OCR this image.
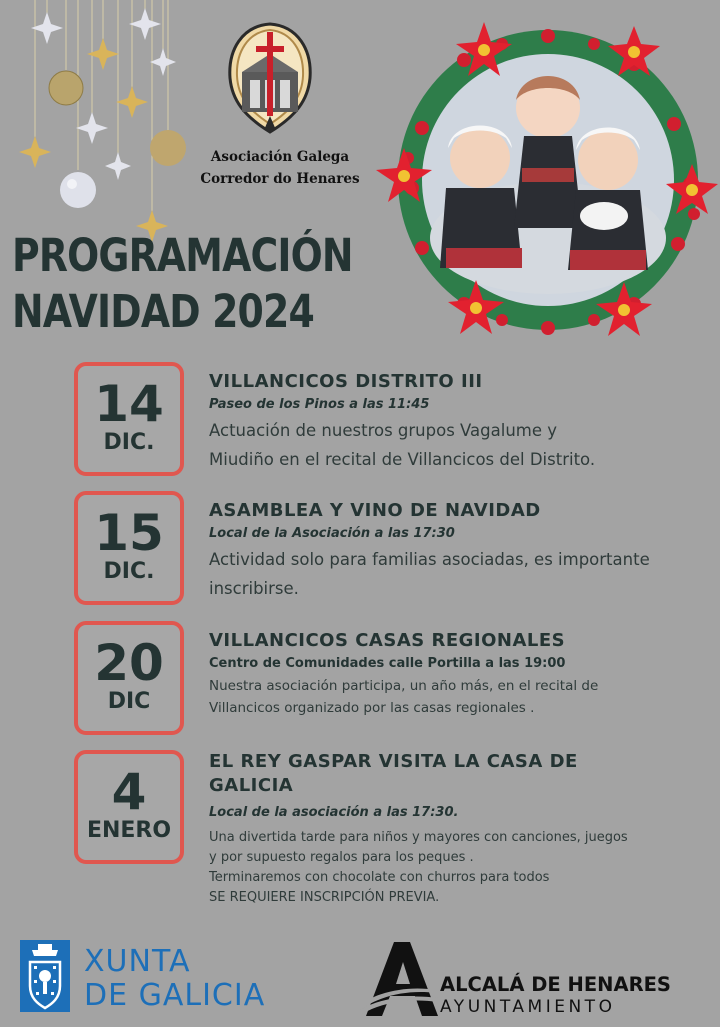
Asociación Galega
Corredor do Henares
PROGRAMACIÓN
NAVIDAD 2024
14
DIC.
VILLANCICOS DISTRITO III
Paseo de los Pinos a las 11:45
Actuación de nuestros grupos Vagalume y
Miudiño en el recital de Villancicos del Distrito.
15
DIC.
ASAMBLEA Y VINO DE NAVIDAD
Local de la Asociación a las 17:30
Actividad solo para familias asociadas, es importante
inscribirse.
20
DIC
VILLANCICOS CASAS REGIONALES
Centro de Comunidades calle Portilla a las 19:00
Nuestra asociación participa, un año más, en el recital de
Villancicos organizado por las casas regionales .
4
ENERO
EL REY GASPAR VISITA LA CASA DE
GALICIA
Local de la asociación a las 17:30.
Una divertida tarde para niños y mayores con canciones, juegos
y por supuesto regalos para los peques .
Terminaremos con chocolate con churros para todos
SE REQUIERE INSCRIPCIÓN PREVIA.
XUNTA
DE GALICIA	ALCALÁ DE HENARES
AYUNTAMIENTO
